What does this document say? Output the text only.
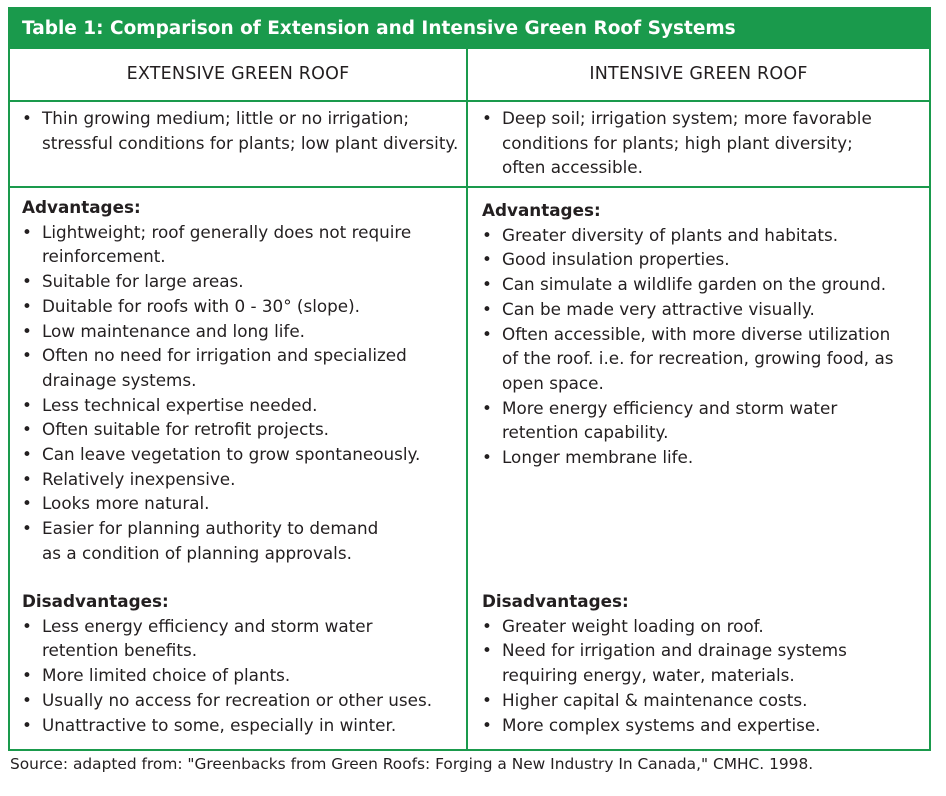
Table 1: Comparison of Extension and Intensive Green Roof Systems
EXTENSIVE GREEN ROOF	INTENSIVE GREEN ROOF
• Thin growing medium; little or no irrigation;
stressful conditions for plants; low plant diversity.
• Deep soil; irrigation system; more favorable
conditions for plants; high plant diversity;
often accessible.
Advantages:
• Lightweight; roof generally does not require
reinforcement.
• Suitable for large areas.
• Duitable for roofs with 0 - 30° (slope).
• Low maintenance and long life.
• Often no need for irrigation and specialized
drainage systems.
• Less technical expertise needed.
• Often suitable for retrofit projects.
• Can leave vegetation to grow spontaneously.
• Relatively inexpensive.
• Looks more natural.
• Easier for planning authority to demand
as a condition of planning approvals.
Advantages:
• Greater diversity of plants and habitats.
• Good insulation properties.
• Can simulate a wildlife garden on the ground.
• Can be made very attractive visually.
• Often accessible, with more diverse utilization
of the roof. i.e. for recreation, growing food, as
open space.
• More energy efficiency and storm water
retention capability.
• Longer membrane life.
Disadvantages:
• Less energy efficiency and storm water
retention benefits.
• More limited choice of plants.
• Usually no access for recreation or other uses.
• Unattractive to some, especially in winter.
Disadvantages:
• Greater weight loading on roof.
• Need for irrigation and drainage systems
requiring energy, water, materials.
• Higher capital & maintenance costs.
• More complex systems and expertise.
Source: adapted from: "Greenbacks from Green Roofs: Forging a New Industry In Canada," CMHC. 1998.
